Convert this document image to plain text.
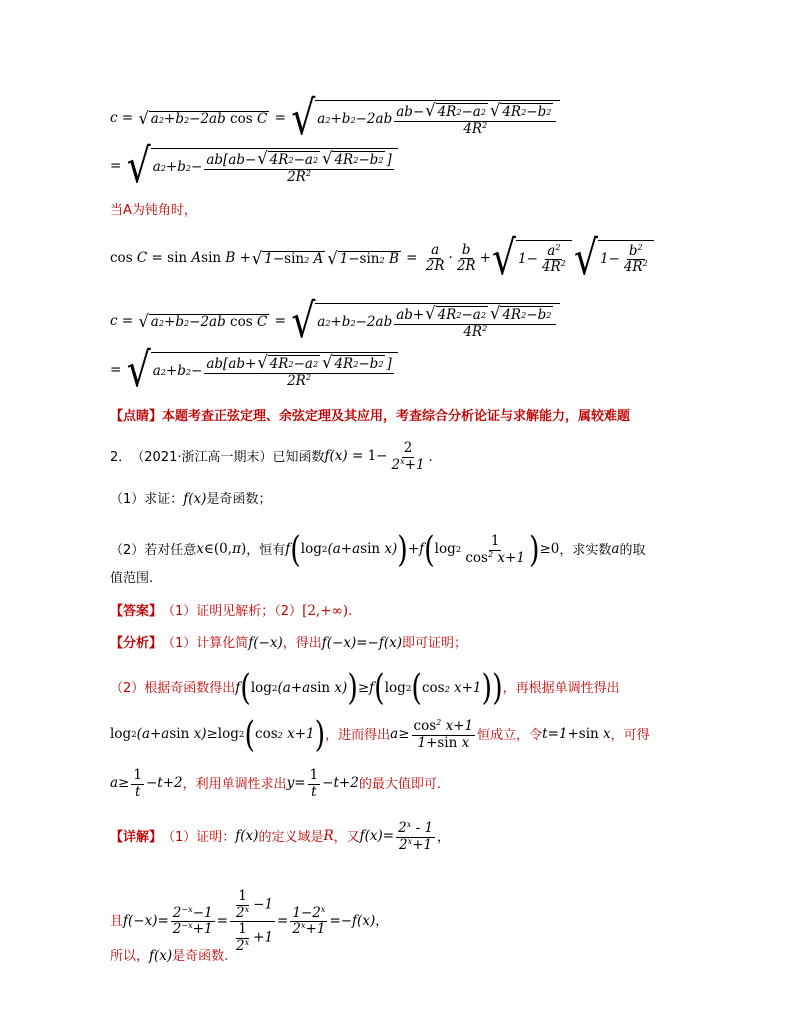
c = √ a 2 +b 2 −2ab cos C = √ a 2 +b $2 -2ab \frac{ab- √ 4R 2 -a 2 √ 4R 2 -b 2}{4R^2}$
= √ a 2 +b $2 - \frac{ab[ab- √ 4R 2 -a 2 √ 4R 2 -b 2 ]}{2R^2}$
当A为钝角时，
cos C = sin A sin B + √ 1− sin 2 A √ 1− sin 2 $B = \frac{a}{2R} \cdot \frac{b}{2R}$ + √ $1- \frac{a^2}{4R^2}$ √ $1- \frac{b^2}{4R^2}$
c = √ a 2 +b 2 −2ab cos C = √ a 2 +b $2 -2ab \frac{ab+ √ 4R 2 -a 2 √ 4R 2 -b 2}{4R^2}$
= √ a 2 +b $2 - \frac{ab[ab+ √ 4R 2 -a 2 √ 4R 2 -b 2 ]}{2R^2}$
【点睛】 本题考查正弦定理、余弦定理及其应用，考查综合分析论证与求解能力，属较难题
2． （2021·浙江高一期末） 已知函数 $f(x) = 1 - \frac{2}{2^x+1}$ .
（1） 求证： f(x) 是奇函数；
（2） 若对任意 x ∈(0, π ) ，恒有 f ( log 2 (a+a sin x) ) +f ( $\log 2 \frac{1}{\cos^2 x+1}$ ) ≥ 0 ，求实数 a 的取
值范围.
【答案】 （1）证明见解析；（2） [2,+∞) .
【分析】 （1）计算化简 f(−x) ，得出 f(−x)=−f(x) 即可证明；
（2）根据奇函数得出 f ( log 2 (a+a sin x) ) ≥f ( log 2 ( cos 2 x+1 ) ) ，再根据单调性得出
log 2 (a+a sin x)≥ log 2 ( cos 2 x+1 ) ，进而得出 $a\ge \frac{\cos^2 x+1}{\text{1+sin x}}$ 恒成立，令 t=1+ sin x ，可得
$a\ge \frac{1}{t} -t+2$ ，利用单调性求出 $y= \frac{1}{t} -t+2$ 的最大值即可.
【详解】 （1）证明： f(x) 的定义域是 R ，又 $f(x)= \frac{2^x - 1}{2^x+1}$ ，
且 $f(-x)= \frac{2^{-x}-1}{2^{-x}+1} = \frac{\frac{1}{2^x} -1}{\frac{1}{2^x} +1} = \frac{1-2^x}{2^x+1} =-f(x)$ ，
所以， f(x) 是奇函数.
